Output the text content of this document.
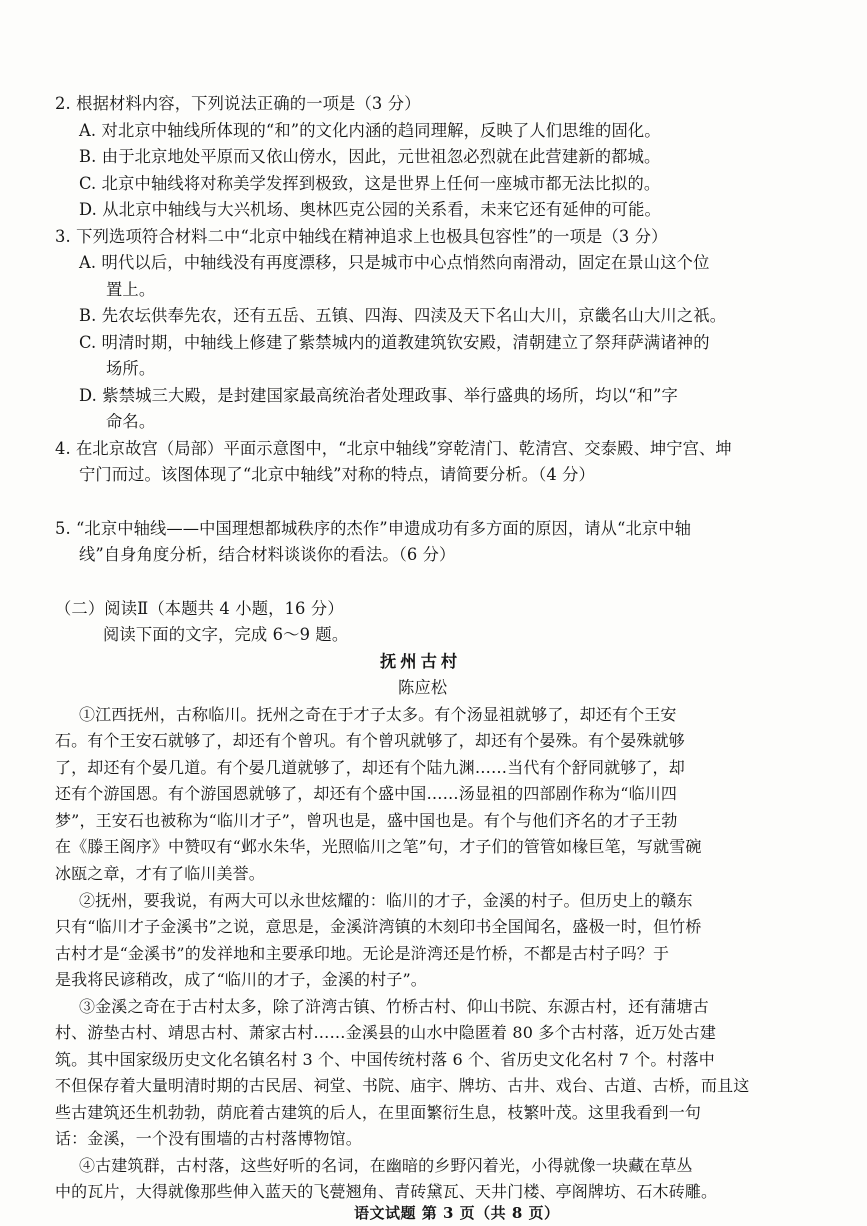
2. 根据材料内容，下列说法正确的一项是（3 分）
A. 对北京中轴线所体现的“和”的文化内涵的趋同理解，反映了人们思维的固化。
B. 由于北京地处平原而又依山傍水，因此，元世祖忽必烈就在此营建新的都城。
C. 北京中轴线将对称美学发挥到极致，这是世界上任何一座城市都无法比拟的。
D. 从北京中轴线与大兴机场、奥林匹克公园的关系看，未来它还有延伸的可能。
3. 下列选项符合材料二中“北京中轴线在精神追求上也极具包容性”的一项是（3 分）
A. 明代以后，中轴线没有再度漂移，只是城市中心点悄然向南滑动，固定在景山这个位
置上。
B. 先农坛供奉先农，还有五岳、五镇、四海、四渎及天下名山大川，京畿名山大川之祇。
C. 明清时期，中轴线上修建了紫禁城内的道教建筑钦安殿，清朝建立了祭拜萨满诸神的
场所。
D. 紫禁城三大殿，是封建国家最高统治者处理政事、举行盛典的场所，均以“和”字
命名。
4. 在北京故宫（局部）平面示意图中，“北京中轴线”穿乾清门、乾清宫、交泰殿、坤宁宫、坤
宁门而过。该图体现了“北京中轴线”对称的特点，请简要分析。（4 分）
5. “北京中轴线——中国理想都城秩序的杰作”申遗成功有多方面的原因，请从“北京中轴
线”自身角度分析，结合材料谈谈你的看法。（6 分）
（二）阅读Ⅱ（本题共 4 小题，16 分）
阅读下面的文字，完成 6～9 题。
抚州古村
陈应松
①江西抚州，古称临川。抚州之奇在于才子太多。有个汤显祖就够了，却还有个王安
石。有个王安石就够了，却还有个曾巩。有个曾巩就够了，却还有个晏殊。有个晏殊就够
了，却还有个晏几道。有个晏几道就够了，却还有个陆九渊……当代有个舒同就够了，却
还有个游国恩。有个游国恩就够了，却还有个盛中国……汤显祖的四部剧作称为“临川四
梦”，王安石也被称为“临川才子”，曾巩也是，盛中国也是。有个与他们齐名的才子王勃
在《滕王阁序》中赞叹有“邺水朱华，光照临川之笔”句，才子们的管管如椽巨笔，写就雪碗
冰瓯之章，才有了临川美誉。
②抚州，要我说，有两大可以永世炫耀的：临川的才子，金溪的村子。但历史上的赣东
只有“临川才子金溪书”之说，意思是，金溪浒湾镇的木刻印书全国闻名，盛极一时，但竹桥
古村才是“金溪书”的发祥地和主要承印地。无论是浒湾还是竹桥，不都是古村子吗？于
是我将民谚稍改，成了“临川的才子，金溪的村子”。
③金溪之奇在于古村太多，除了浒湾古镇、竹桥古村、仰山书院、东源古村，还有蒲塘古
村、游垫古村、靖思古村、萧家古村……金溪县的山水中隐匿着 80 多个古村落，近万处古建
筑。其中国家级历史文化名镇名村 3 个、中国传统村落 6 个、省历史文化名村 7 个。村落中
不但保存着大量明清时期的古民居、祠堂、书院、庙宇、牌坊、古井、戏台、古道、古桥，而且这
些古建筑还生机勃勃，荫庇着古建筑的后人，在里面繁衍生息，枝繁叶茂。这里我看到一句
话：金溪，一个没有围墙的古村落博物馆。
④古建筑群，古村落，这些好听的名词，在幽暗的乡野闪着光，小得就像一块藏在草丛
中的瓦片，大得就像那些伸入蓝天的飞甍翘角、青砖黛瓦、天井门楼、亭阁牌坊、石木砖雕。
语文试题 第 3 页（共 8 页）
